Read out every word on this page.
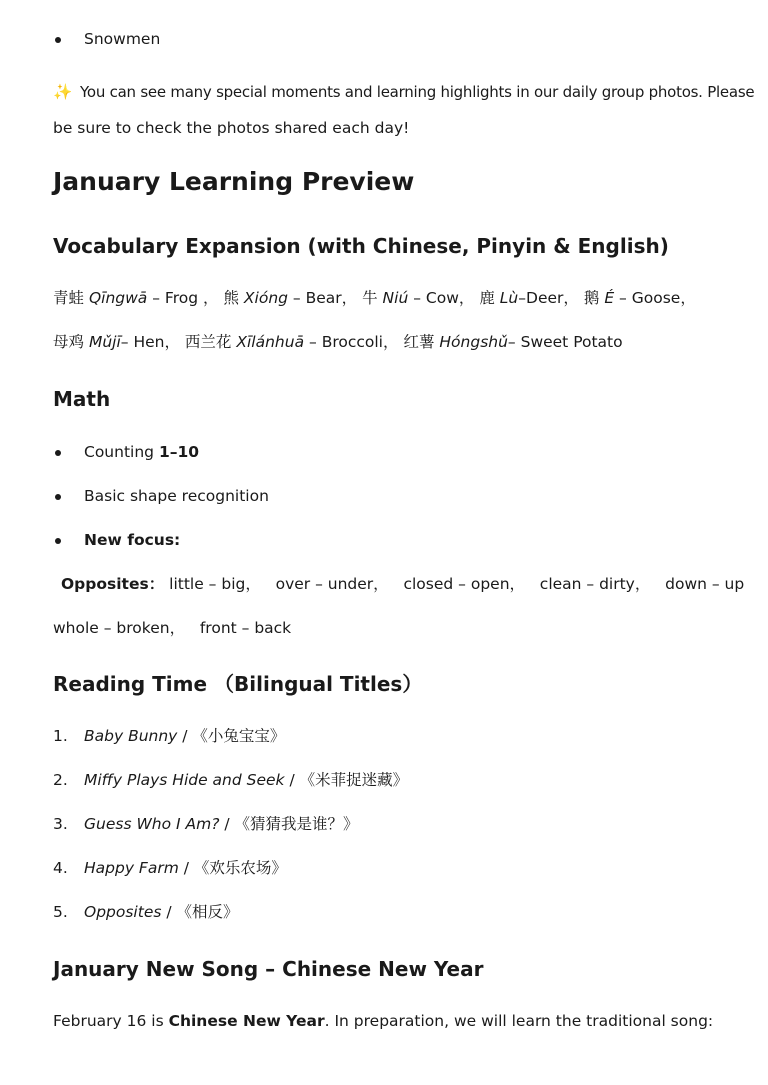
Snowmen
✨ You can see many special moments and learning highlights in our daily group photos. Please
be sure to check the photos shared each day!
January Learning Preview
Vocabulary Expansion (with Chinese, Pinyin & English)
青蛙 Qīngwā – Frog ， 熊 Xióng – Bear， 牛 Niú – Cow， 鹿 Lù–Deer， 鹅 É – Goose，
母鸡 Mǔjī– Hen， 西兰花 Xīlánhuā – Broccoli， 红薯 Hóngshǔ– Sweet Potato
Math
Counting 1–10
Basic shape recognition
New focus:
Opposites： little – big，   over – under，   closed – open，   clean – dirty，   down – up
whole – broken，   front – back
Reading Time （Bilingual Titles）
1. Baby Bunny / 《小兔宝宝》
2. Miffy Plays Hide and Seek / 《米菲捉迷藏》
3. Guess Who I Am? / 《猜猜我是谁？》
4. Happy Farm / 《欢乐农场》
5. Opposites / 《相反》
January New Song – Chinese New Year
February 16 is Chinese New Year. In preparation, we will learn the traditional song:
